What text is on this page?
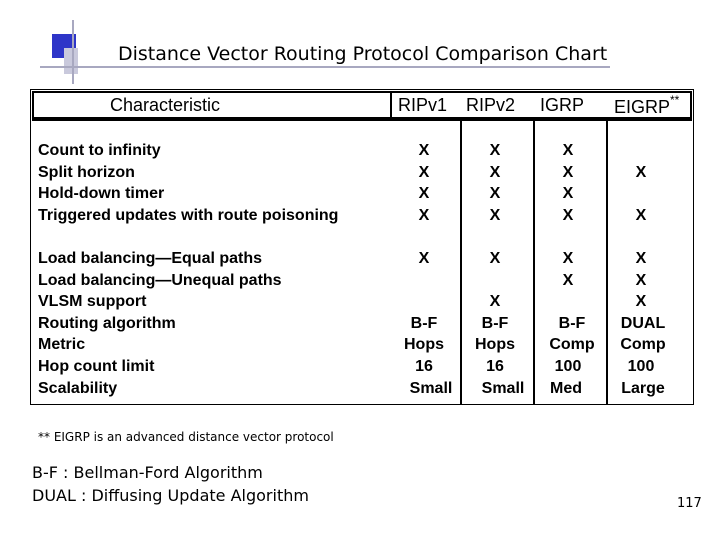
Distance Vector Routing Protocol Comparison Chart
Characteristic	RIPv1 RIPv2 IGRP EIGRP**
Count to infinity
Split horizon
Hold-down timer
Triggered updates with route poisoning
Load balancing—Equal paths
Load balancing—Unequal paths
VLSM support
Routing algorithm
Metric
Hop count limit
Scalability
X
X
X
X
X
B-F
Hops
16
Small
X
X
X
X
X
X
B-F
Hops
16
Small
X
X
X
X
X
X
B-F
Comp
100
Med
X
X
X
X
X
DUAL
Comp
100
Large
** EIGRP is an advanced distance vector protocol
B-F : Bellman-Ford Algorithm
DUAL : Diffusing Update Algorithm	117
